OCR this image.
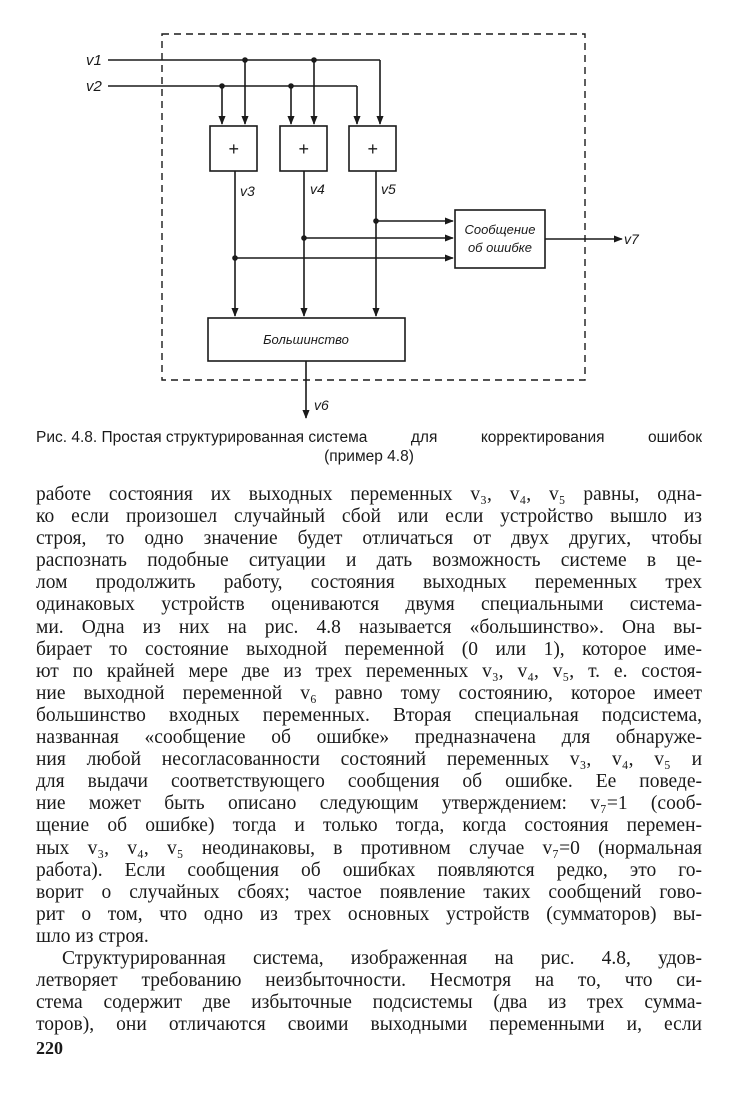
+	+	+
Сообщение
об ошибке
Большинство
v1
v2
v3	v4	v5
v6
v7
Рис. 4.8. Простая структурированная система	для	корректирования	ошибок
(пример 4.8)
работе состояния их выходных переменных v₃, v₄, v₅ равны, одна-
ко если произошел случайный сбой или если устройство вышло из
строя, то одно значение будет отличаться от двух других, чтобы
распознать подобные ситуации и дать возможность системе в це-
лом продолжить работу, состояния выходных переменных трех
одинаковых устройств оцениваются двумя специальными система-
ми. Одна из них на рис. 4.8 называется «большинство». Она вы-
бирает то состояние выходной переменной (0 или 1), которое име-
ют по крайней мере две из трех переменных v₃, v₄, v₅, т. е. состоя-
ние выходной переменной v₆ равно тому состоянию, которое имеет
большинство входных переменных. Вторая специальная подсистема,
названная «сообщение об ошибке» предназначена для обнаруже-
ния любой несогласованности состояний переменных v₃, v₄, v₅ и
для выдачи соответствующего сообщения об ошибке. Ее поведе-
ние может быть описано следующим утверждением: v₇=1 (сооб-
щение об ошибке) тогда и только тогда, когда состояния перемен-
ных v₃, v₄, v₅ неодинаковы, в противном случае v₇=0 (нормальная
работа). Если сообщения об ошибках появляются редко, это го-
ворит о случайных сбоях; частое появление таких сообщений гово-
рит о том, что одно из трех основных устройств (сумматоров) вы-
шло из строя.
Структурированная система, изображенная на рис. 4.8, удов-
летворяет требованию неизбыточности. Несмотря на то, что си-
стема содержит две избыточные подсистемы (два из трех сумма-
торов), они отличаются своими выходными переменными и, если
220
